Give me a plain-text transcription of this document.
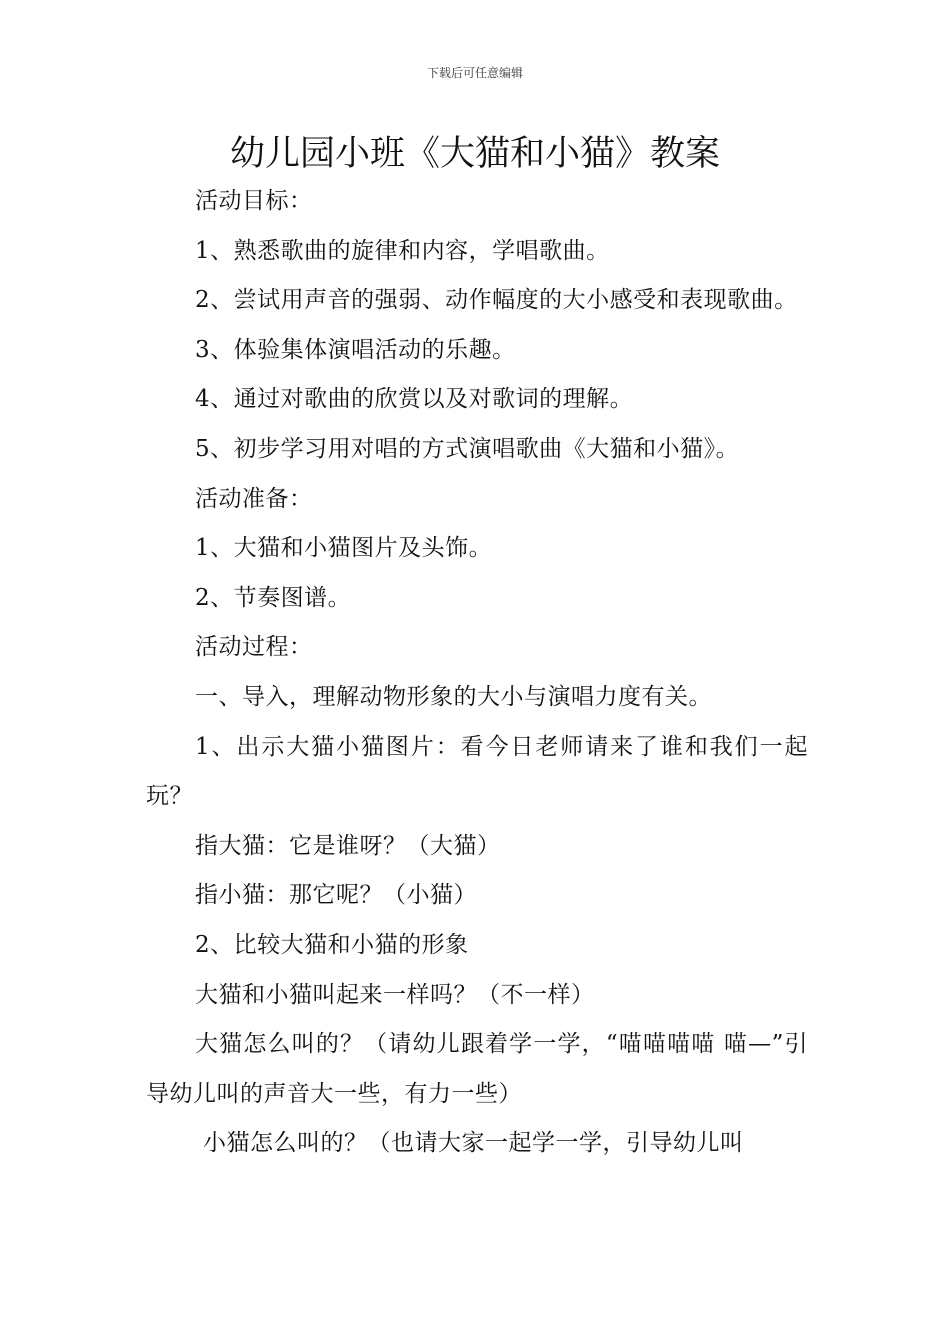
下载后可任意编辑
幼儿园小班《大猫和小猫》教案

活动目标：

1、熟悉歌曲的旋律和内容，学唱歌曲。

2、尝试用声音的强弱、动作幅度的大小感受和表现歌曲。

3、体验集体演唱活动的乐趣。

4、通过对歌曲的欣赏以及对歌词的理解。

5、初步学习用对唱的方式演唱歌曲《大猫和小猫》。

活动准备：

1、大猫和小猫图片及头饰。

2、节奏图谱。

活动过程：

一、导入，理解动物形象的大小与演唱力度有关。

1、出示大猫小猫图片：看今日老师请来了谁和我们一起玩？

指大猫：它是谁呀？（大猫）

指小猫：那它呢？（小猫）

2、比较大猫和小猫的形象

大猫和小猫叫起来一样吗？（不一样）

大猫怎么叫的？（请幼儿跟着学一学，“喵喵喵喵 喵—”引导幼儿叫的声音大一些，有力一些）

小猫怎么叫的？（也请大家一起学一学，引导幼儿叫
